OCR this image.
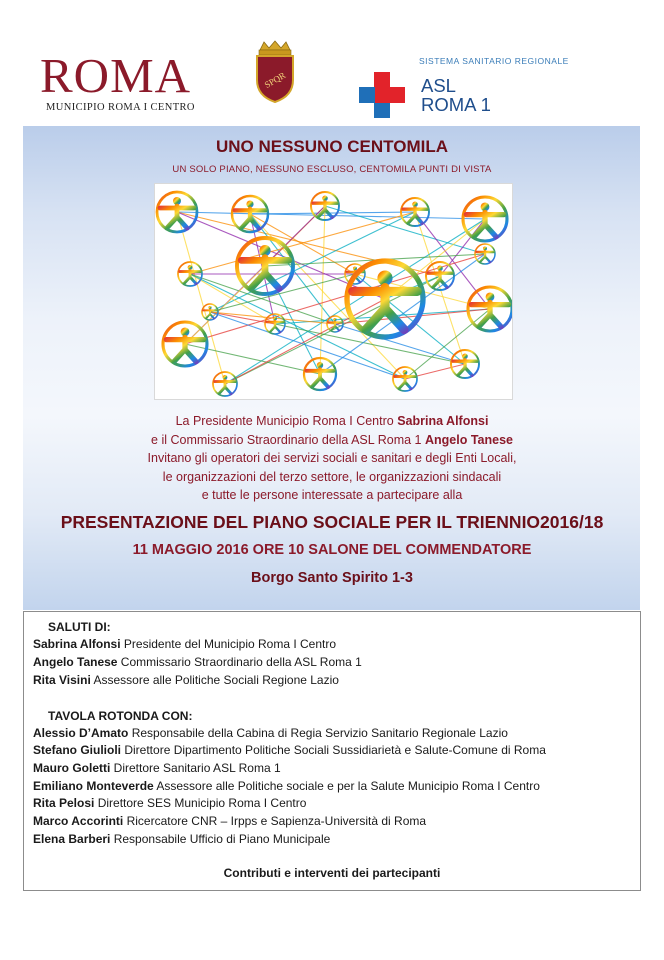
ROMA
MUNICIPIO ROMA I CENTRO
SPQR
SISTEMA SANITARIO REGIONALE
ASL
ROMA 1
UNO NESSUNO CENTOMILA
UN SOLO PIANO, NESSUNO ESCLUSO, CENTOMILA PUNTI DI VISTA
La Presidente Municipio Roma I Centro Sabrina Alfonsi
e il Commissario Straordinario della ASL Roma 1 Angelo Tanese
Invitano gli operatori dei servizi sociali e sanitari e degli Enti Locali,
le organizzazioni del terzo settore, le organizzazioni sindacali
e tutte le persone interessate a partecipare alla
PRESENTAZIONE DEL PIANO SOCIALE PER IL TRIENNIO2016/18
11 MAGGIO 2016 ORE 10 SALONE DEL COMMENDATORE
Borgo Santo Spirito 1-3
SALUTI DI:
Sabrina Alfonsi Presidente del Municipio Roma I Centro
Angelo Tanese Commissario Straordinario della ASL Roma 1
Rita Visini Assessore alle Politiche Sociali Regione Lazio
TAVOLA ROTONDA CON:
Alessio D’Amato Responsabile della Cabina di Regia Servizio Sanitario Regionale Lazio
Stefano Giulioli Direttore Dipartimento Politiche Sociali Sussidiarietà e Salute-Comune di Roma
Mauro Goletti Direttore Sanitario ASL Roma 1
Emiliano Monteverde Assessore alle Politiche sociale e per la Salute Municipio Roma I Centro
Rita Pelosi Direttore SES Municipio Roma I Centro
Marco Accorinti Ricercatore CNR – Irpps e Sapienza-Università di Roma
Elena Barberi Responsabile Ufficio di Piano Municipale
Contributi e interventi dei partecipanti
